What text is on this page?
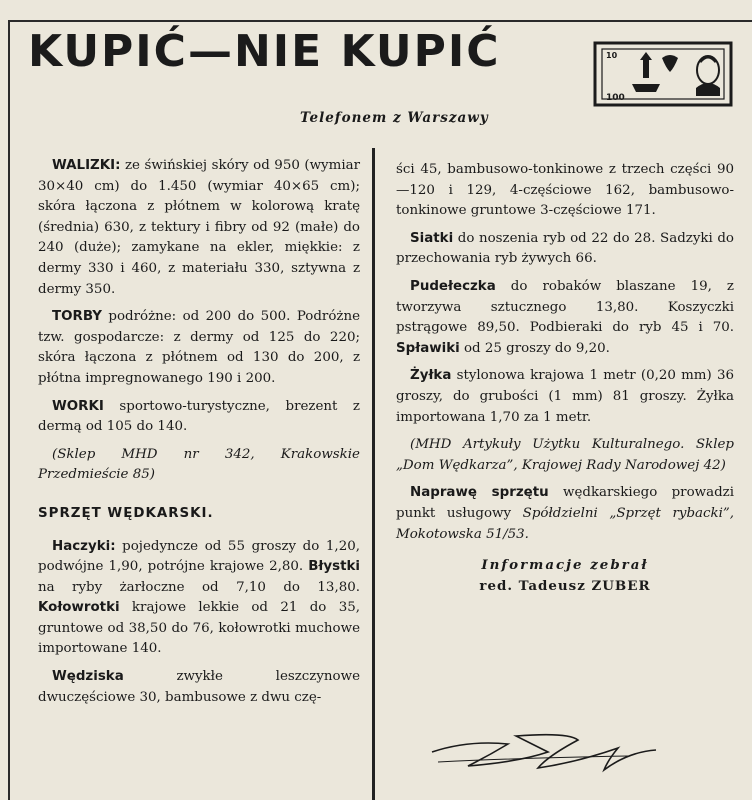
KUPIĆ—NIE KUPIĆ	10
100
Telefonem z Warszawy

WALIZKI: ze świńskiej skóry od 950 (wymiar 30×40 cm) do 1.450 (wymiar 40×65 cm); skóra łączona z płótnem w kolorową kratę (średnia) 630, z tektury i fibry od 92 (małe) do 240 (duże); zamykane na ekler, miękkie: z dermy 330 i 460, z materiału 330, sztywna z dermy 350.

TORBY podróżne: od 200 do 500. Podróżne tzw. gospodarcze: z dermy od 125 do 220; skóra łączona z płótnem od 130 do 200, z płótna impregnowanego 190 i 200.

WORKI sportowo-turystyczne, brezent z dermą od 105 do 140.

(Sklep MHD nr 342, Krakowskie Przedmieście 85)

SPRZĘT WĘDKARSKI.

Haczyki: pojedyncze od 55 groszy do 1,20, podwójne 1,90, potrójne krajowe 2,80. Błystki na ryby żarłoczne od 7,10 do 13,80. Kołowrotki krajowe lekkie od 21 do 35, gruntowe od 38,50 do 76, kołowrotki muchowe importowane 140.

Wędziska zwykłe leszczynowe dwuczęściowe 30, bambusowe z dwu czę-

ści 45, bambusowo-tonkinowe z trzech części 90—120 i 129, 4-częściowe 162, bambusowo-tonkinowe gruntowe 3-częściowe 171.

Siatki do noszenia ryb od 22 do 28. Sadzyki do przechowania ryb żywych 66.

Pudełeczka do robaków blaszane 19, z tworzywa sztucznego 13,80. Koszyczki pstrągowe 89,50. Podbieraki do ryb 45 i 70. Spławiki od 25 groszy do 9,20.

Żyłka stylonowa krajowa 1 metr (0,20 mm) 36 groszy, do grubości (1 mm) 81 groszy. Żyłka importowana 1,70 za 1 metr.

(MHD Artykuły Użytku Kulturalnego. Sklep „Dom Wędkarza”, Krajowej Rady Narodowej 42)

Naprawę sprzętu wędkarskiego prowadzi punkt usługowy Spółdzielni „Sprzęt rybacki”, Mokotowska 51/53.

Informacje zebrał
red. Tadeusz ZUBER
